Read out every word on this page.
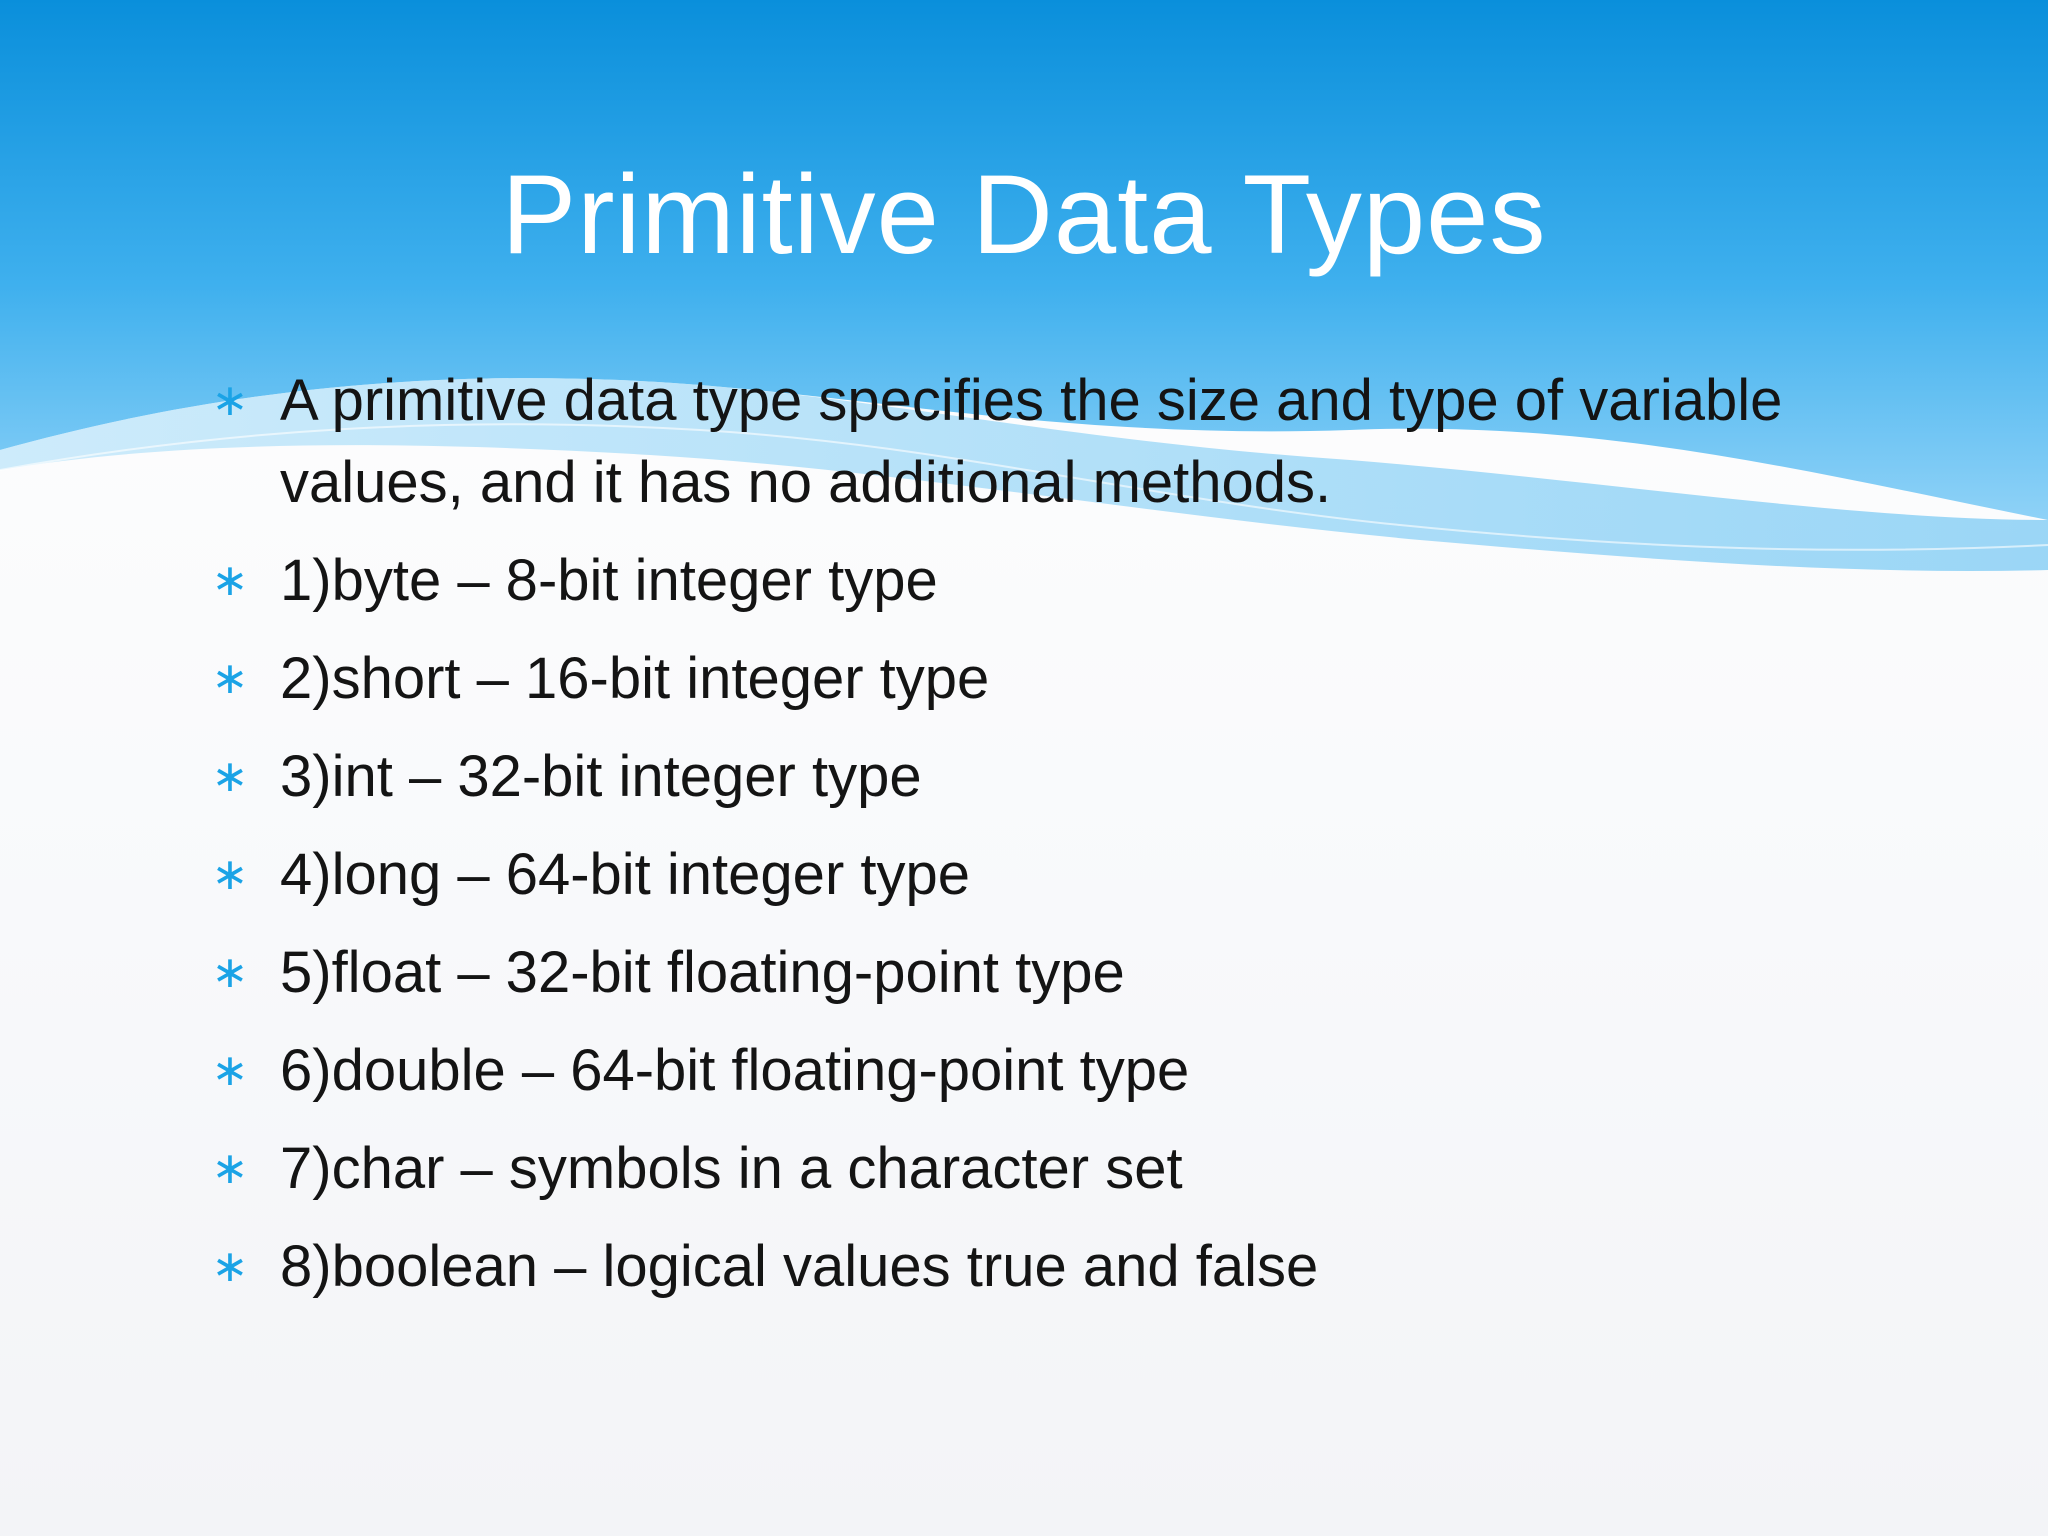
Primitive Data Types
∗ A primitive data type specifies the size and type of variable values, and it has no additional methods.
∗ 1)byte – 8-bit integer type
∗ 2)short – 16-bit integer type
∗ 3)int – 32-bit integer type
∗ 4)long – 64-bit integer type
∗ 5)float – 32-bit floating-point type
∗ 6)double – 64-bit floating-point type
∗ 7)char – symbols in a character set
∗ 8)boolean – logical values true and false
